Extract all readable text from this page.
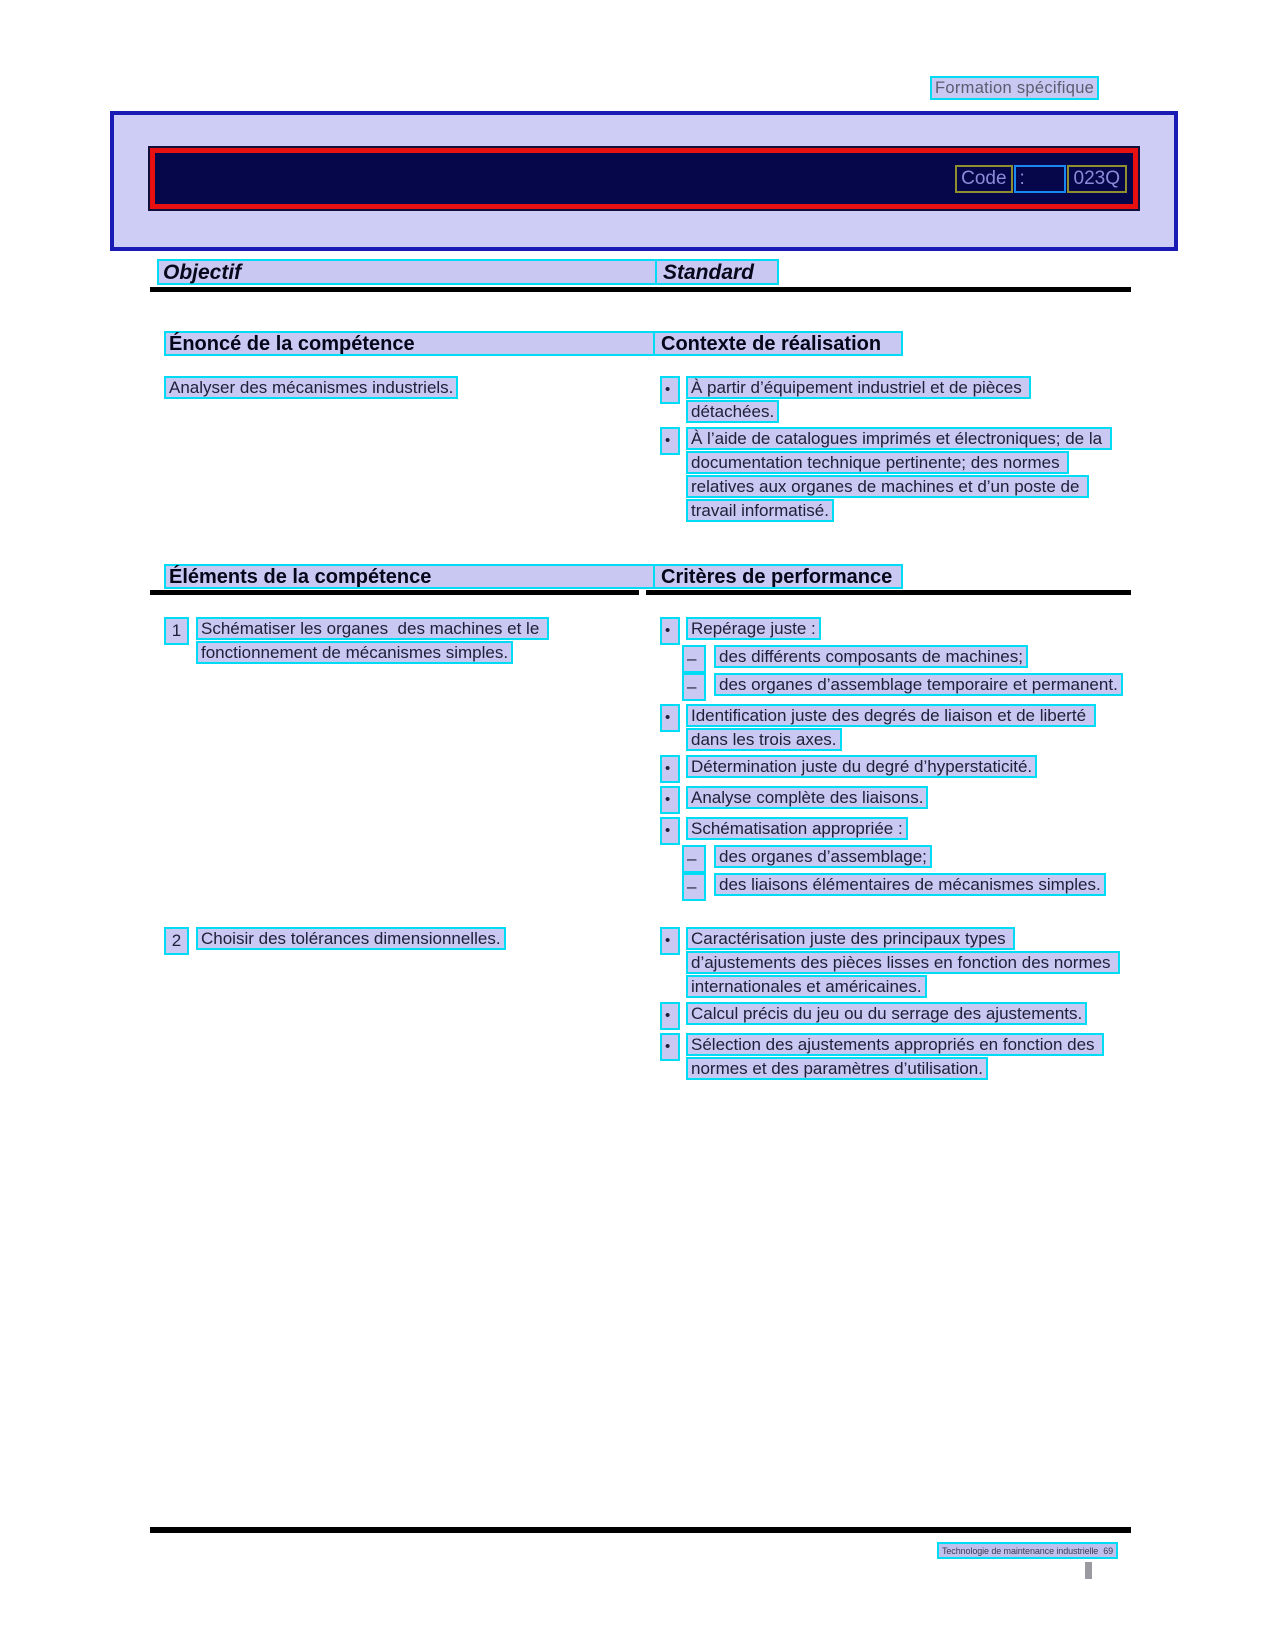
Formation spécifique
Code :	023Q
Objectif	Standard
Énoncé de la compétence	Contexte de réalisation
Analyser des mécanismes industriels.	•	À partir d’équipement industriel et de pièces détachées.
•	À l’aide de catalogues imprimés et électroniques; de la documentation technique pertinente; des normes relatives aux organes de machines et d’un poste de travail informatisé.
Éléments de la compétence	Critères de performance
1	Schématiser les organes  des machines et le fonctionnement de mécanismes simples.
•	Repérage juste :
–	des différents composants de machines;
–	des organes d’assemblage temporaire et permanent.
•	Identification juste des degrés de liaison et de liberté dans les trois axes.
•	Détermination juste du degré d’hyperstaticité.
•	Analyse complète des liaisons.
•	Schématisation appropriée :
–	des organes d’assemblage;
–	des liaisons élémentaires de mécanismes simples.
2	Choisir des tolérances dimensionnelles.	•	Caractérisation juste des principaux types d’ajustements des pièces lisses en fonction des normes internationales et américaines.
•	Calcul précis du jeu ou du serrage des ajustements.
•	Sélection des ajustements appropriés en fonction des normes et des paramètres d’utilisation.
Technologie de maintenance industrielle 69
